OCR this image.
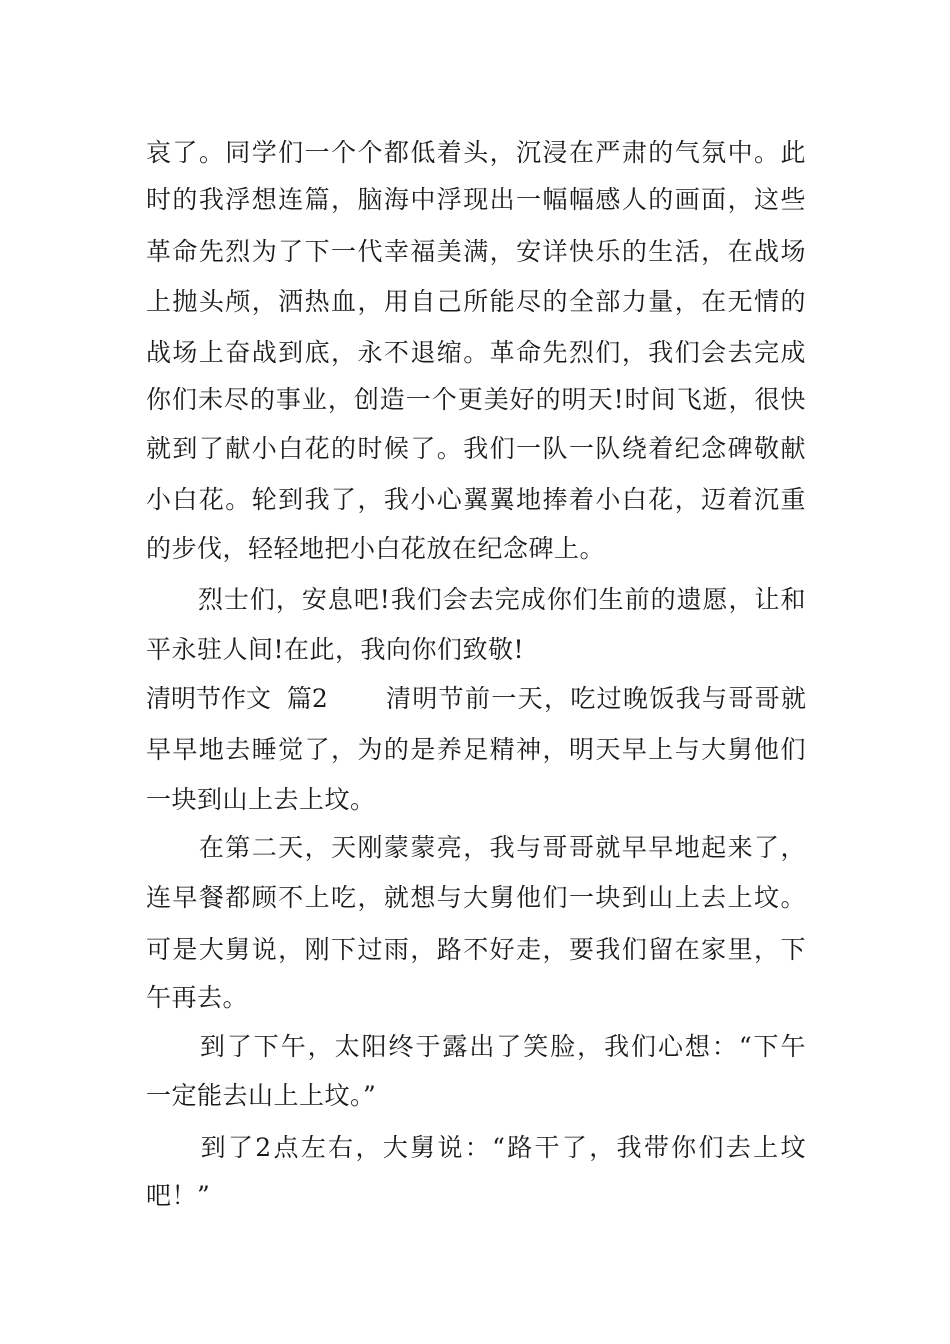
哀了。同学们一个个都低着头，沉浸在严肃的气氛中。此
时的我浮想连篇，脑海中浮现出一幅幅感人的画面，这些
革命先烈为了下一代幸福美满，安详快乐的生活，在战场
上抛头颅，洒热血，用自己所能尽的全部力量，在无情的
战场上奋战到底，永不退缩。革命先烈们，我们会去完成
你们未尽的事业，创造一个更美好的明天!时间飞逝，很快
就到了献小白花的时候了。我们一队一队绕着纪念碑敬献
小白花。轮到我了，我小心翼翼地捧着小白花，迈着沉重
的步伐，轻轻地把小白花放在纪念碑上。
　　烈士们，安息吧!我们会去完成你们生前的遗愿，让和
平永驻人间!在此，我向你们致敬!
清明节作文  篇2 清明节前一天，吃过晚饭我与哥哥就
早早地去睡觉了，为的是养足精神，明天早上与大舅他们
一块到山上去上坟。
　　在第二天，天刚蒙蒙亮，我与哥哥就早早地起来了，
连早餐都顾不上吃，就想与大舅他们一块到山上去上坟。
可是大舅说，刚下过雨，路不好走，要我们留在家里，下
午再去。
　　到了下午，太阳终于露出了笑脸，我们心想：“下午
一定能去山上上坟。”
　　到了2点左右，大舅说：“路干了，我带你们去上坟
吧！”
